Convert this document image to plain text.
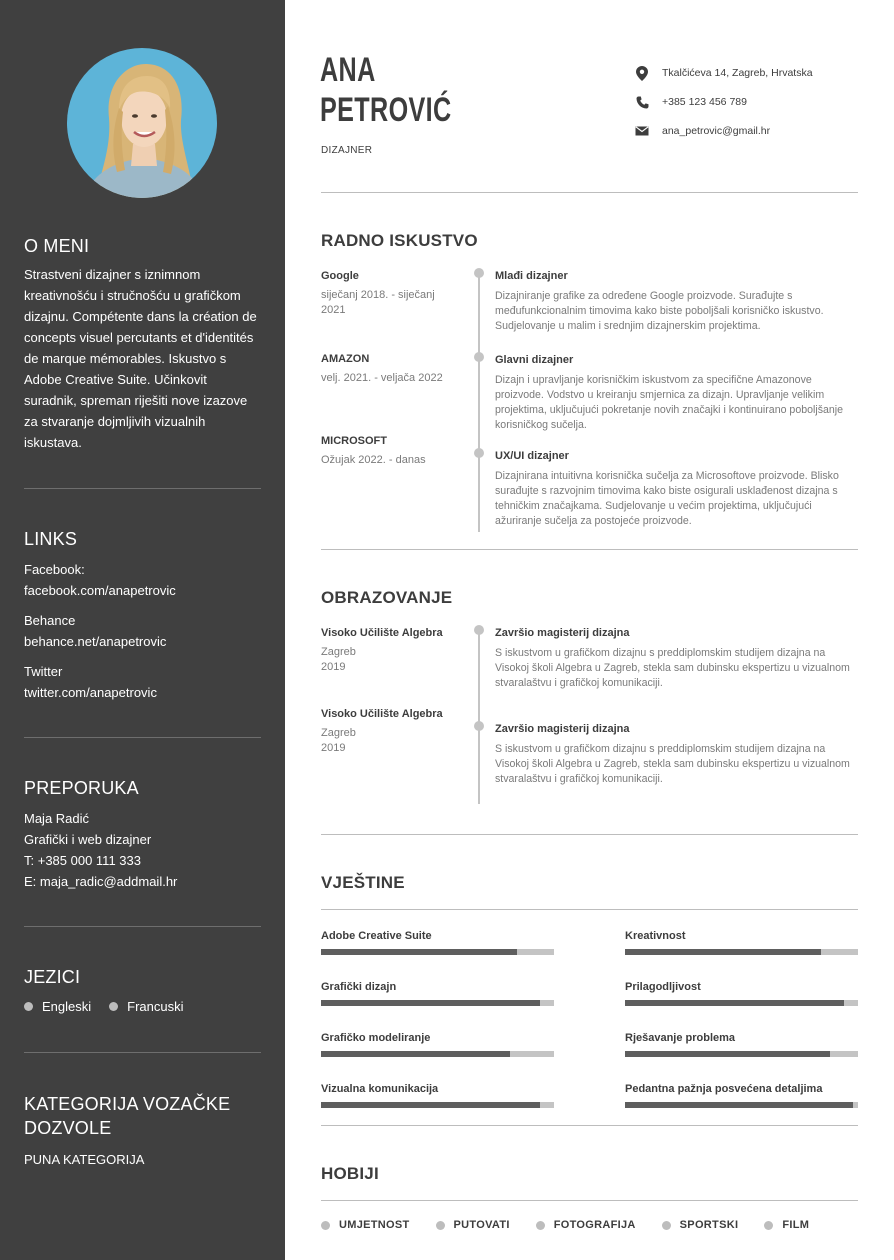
O MENI

Strastveni dizajner s iznimnom kreativnošću i stručnošću u grafičkom dizajnu. Compétente dans la création de concepts visuel percutants et d'identités de marque mémorables. Iskustvo s Adobe Creative Suite. Učinkovit suradnik, spreman riješiti nove izazove za stvaranje dojmljivih vizualnih iskustava.

LINKS
Facebook:
facebook.com/anapetrovic
Behance
behance.net/anapetrovic
Twitter
twitter.com/anapetrovic
PREPORUKA
Maja Radić
Grafički i web dizajner
T: +385 000 111 333
E: maja_radic@addmail.hr
JEZICI
Engleski	Francuski
KATEGORIJA VOZAČKE DOZVOLE
PUNA KATEGORIJA
ANA
PETROVIĆ
DIZAJNER
Tkalčićeva 14, Zagreb, Hrvatska
+385 123 456 789
ana_petrovic@gmail.hr
RADNO ISKUSTVO
Google
siječanj 2018. - siječanj 2021
Mlađi dizajner
Dizajniranje grafike za određene Google proizvode. Surađujte s međufunkcionalnim timovima kako biste poboljšali korisničko iskustvo. Sudjelovanje u malim i srednjim dizajnerskim projektima.
AMAZON
velj. 2021. - veljača 2022
Glavni dizajner
Dizajn i upravljanje korisničkim iskustvom za specifične Amazonove proizvode. Vodstvo u kreiranju smjernica za dizajn. Upravljanje velikim projektima, uključujući pokretanje novih značajki i kontinuirano poboljšanje korisničkog sučelja.
MICROSOFT
Ožujak 2022. - danas	UX/UI dizajner
Dizajnirana intuitivna korisnička sučelja za Microsoftove proizvode. Blisko surađujte s razvojnim timovima kako biste osigurali usklađenost dizajna s tehničkim značajkama. Sudjelovanje u većim projektima, uključujući ažuriranje sučelja za postojeće proizvode.
OBRAZOVANJE
Visoko Učilište Algebra
Zagreb
2019
Završio magisterij dizajna
S iskustvom u grafičkom dizajnu s preddiplomskim studijem dizajna na Visokoj školi Algebra u Zagreb, stekla sam dubinsku ekspertizu u vizualnom stvaralaštvu i grafičkoj komunikaciji.
Visoko Učilište Algebra
Zagreb
2019
Završio magisterij dizajna
S iskustvom u grafičkom dizajnu s preddiplomskim studijem dizajna na Visokoj školi Algebra u Zagreb, stekla sam dubinsku ekspertizu u vizualnom stvaralaštvu i grafičkoj komunikaciji.
VJEŠTINE
Adobe Creative Suite	Kreativnost
Grafički dizajn	Prilagodljivost
Grafičko modeliranje	Rješavanje problema
Vizualna komunikacija	Pedantna pažnja posvećena detaljima
HOBIJI
UMJETNOST	PUTOVATI	FOTOGRAFIJA	SPORTSKI	FILM
